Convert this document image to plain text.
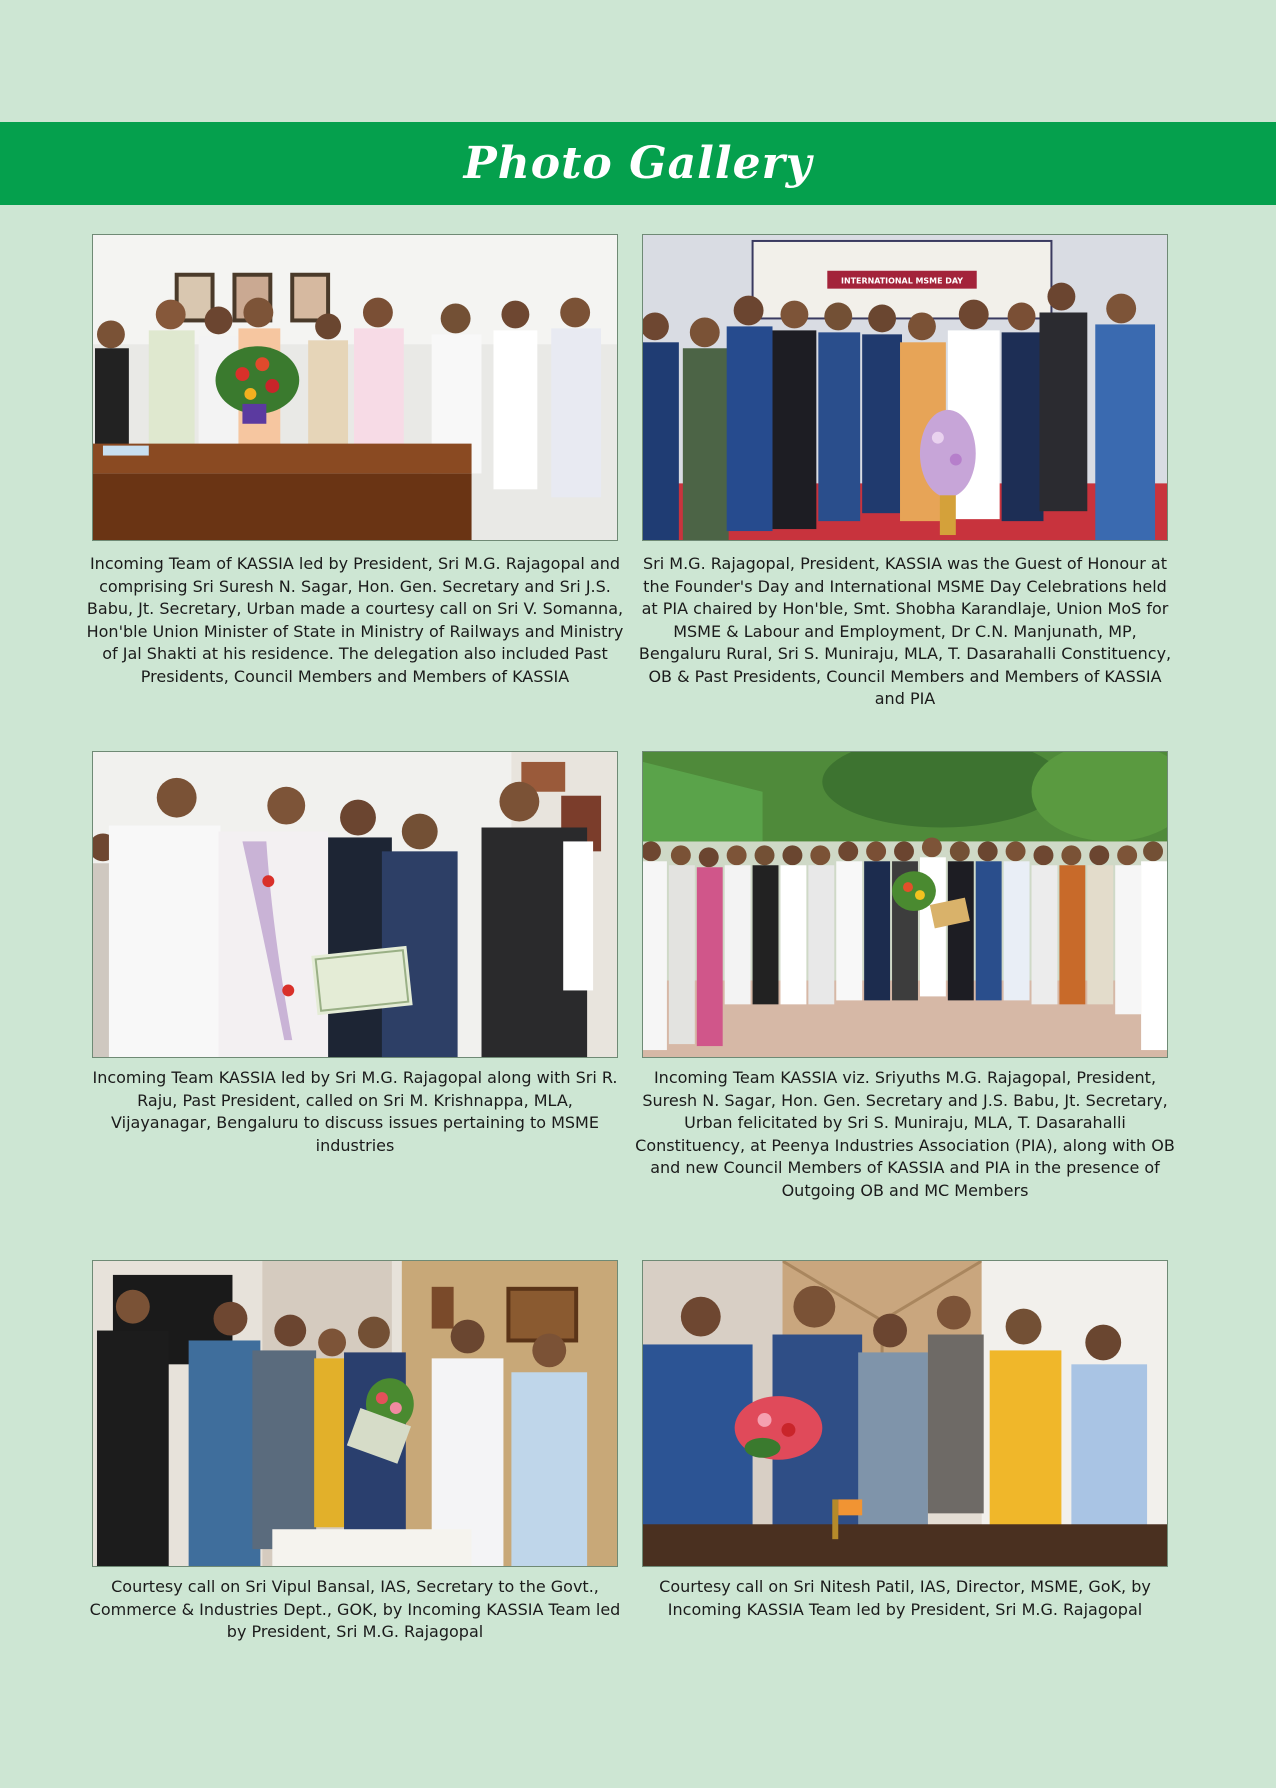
Photo Gallery
Incoming Team of KASSIA led by President, Sri M.G. Rajagopal and comprising Sri Suresh N. Sagar, Hon. Gen. Secretary and Sri J.S. Babu, Jt. Secretary, Urban made a courtesy call on Sri V. Somanna, Hon'ble Union Minister of State in Ministry of Railways and Ministry of Jal Shakti at his residence. The delegation also included Past Presidents, Council Members and Members of KASSIA
INTERNATIONAL MSME DAY
Sri M.G. Rajagopal, President, KASSIA was the Guest of Honour at the Founder's Day and International MSME Day Celebrations held at PIA chaired by Hon'ble, Smt. Shobha Karandlaje, Union MoS for MSME & Labour and Employment, Dr C.N. Manjunath, MP, Bengaluru Rural, Sri S. Muniraju, MLA, T. Dasarahalli Constituency, OB & Past Presidents, Council Members and Members of KASSIA and PIA
Incoming Team KASSIA led by Sri M.G. Rajagopal along with Sri R. Raju, Past President, called on Sri M. Krishnappa, MLA, Vijayanagar, Bengaluru to discuss issues pertaining to MSME industries
Incoming Team KASSIA viz. Sriyuths M.G. Rajagopal, President, Suresh N. Sagar, Hon. Gen. Secretary and J.S. Babu, Jt. Secretary, Urban felicitated by Sri S. Muniraju, MLA, T. Dasarahalli Constituency, at Peenya Industries Association (PIA), along with OB and new Council Members of KASSIA and PIA in the presence of Outgoing OB and MC Members
Courtesy call on Sri Vipul Bansal, IAS, Secretary to the Govt., Commerce & Industries Dept., GOK, by Incoming KASSIA Team led by President, Sri M.G. Rajagopal
Courtesy call on Sri Nitesh Patil, IAS, Director, MSME, GoK, by Incoming KASSIA Team led by President, Sri M.G. Rajagopal
